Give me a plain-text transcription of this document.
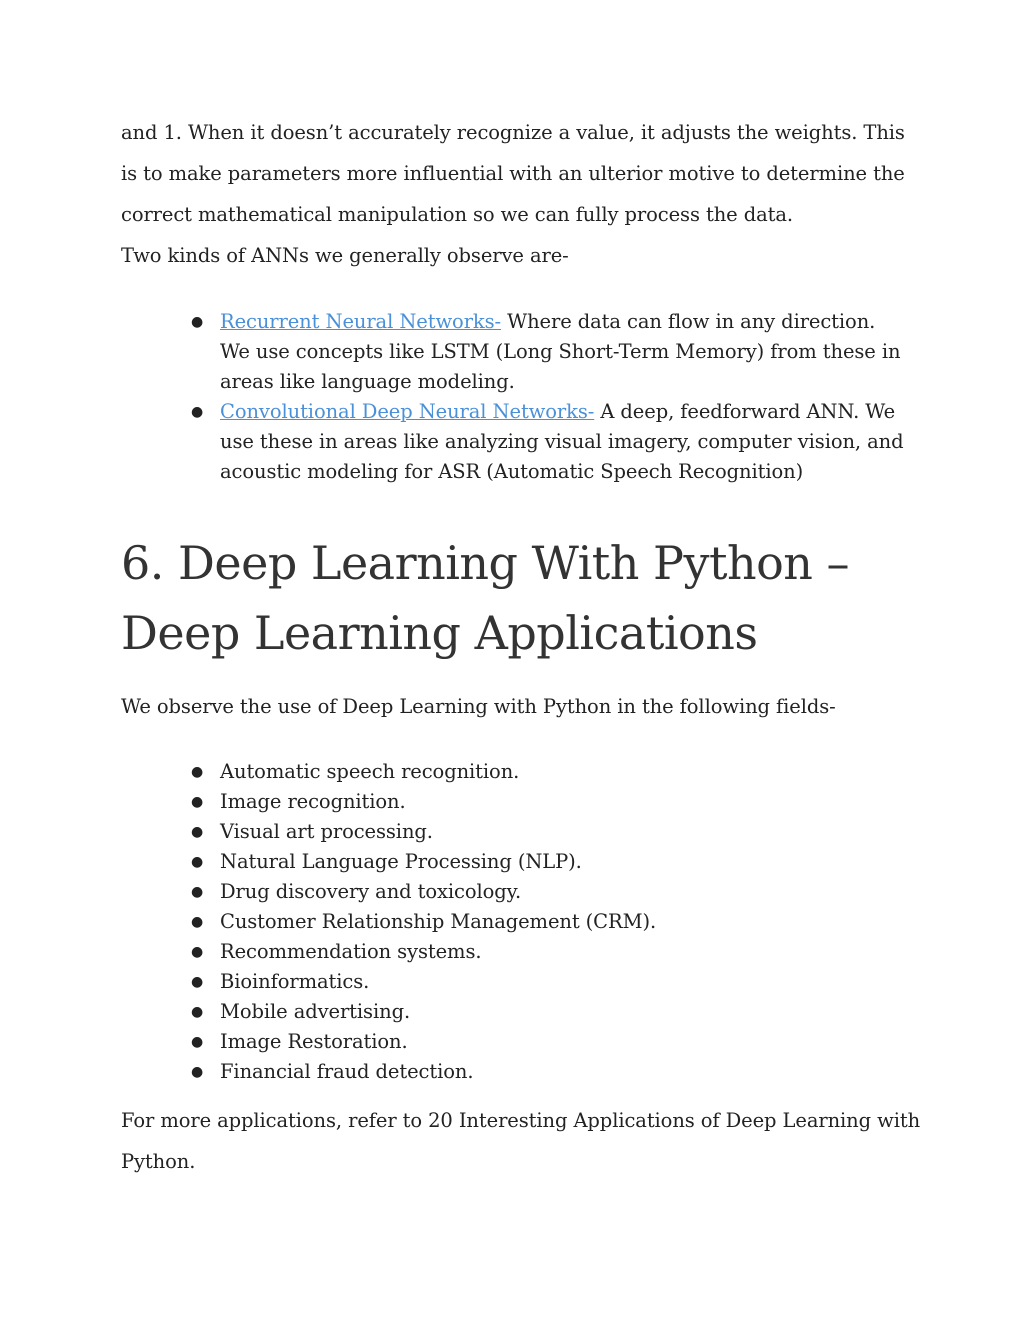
and 1. When it doesn’t accurately recognize a value, it adjusts the weights. This is to make parameters more influential with an ulterior motive to determine the correct mathematical manipulation so we can fully process the data.
Two kinds of ANNs we generally observe are-

● Recurrent Neural Networks- Where data can flow in any direction. We use concepts like LSTM (Long Short-Term Memory) from these in areas like language modeling.
● Convolutional Deep Neural Networks- A deep, feedforward ANN. We use these in areas like analyzing visual imagery, computer vision, and acoustic modeling for ASR (Automatic Speech Recognition)
6. Deep Learning With Python – Deep Learning Applications

We observe the use of Deep Learning with Python in the following fields-

● Automatic speech recognition.
● Image recognition.
● Visual art processing.
● Natural Language Processing (NLP).
● Drug discovery and toxicology.
● Customer Relationship Management (CRM).
● Recommendation systems.
● Bioinformatics.
● Mobile advertising.
● Image Restoration.
● Financial fraud detection.

For more applications, refer to 20 Interesting Applications of Deep Learning with Python.
